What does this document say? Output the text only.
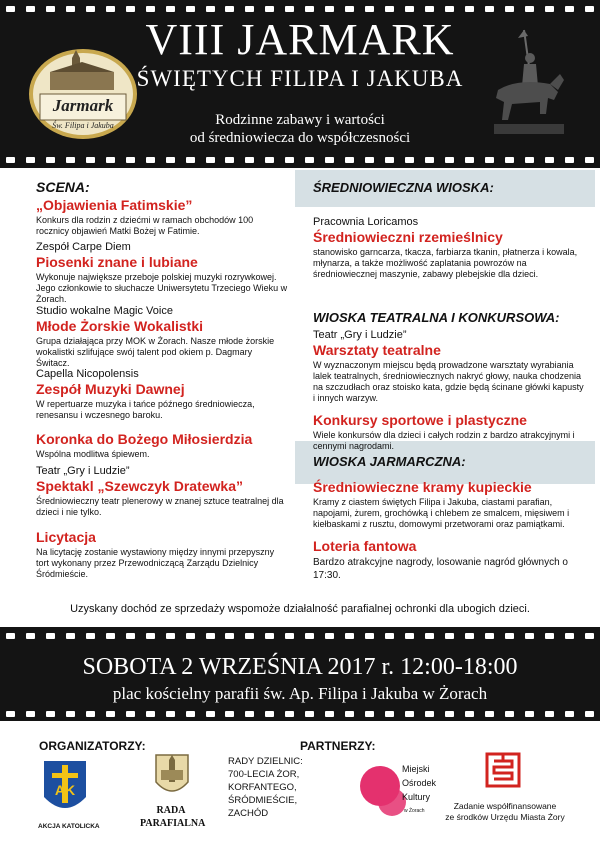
VIII JARMARK
ŚWIĘTYCH FILIPA I JAKUBA
Rodzinne zabawy i wartości
od średniowiecza do współczesności
Jarmark
Św. Filipa i Jakuba
SCENA:
„Objawienia Fatimskie”
Konkurs dla rodzin z dziećmi w ramach obchodów 100 rocznicy objawień Matki Bożej w Fatimie.
Zespół Carpe Diem
Piosenki znane i lubiane
Wykonuje największe przeboje polskiej muzyki rozrywkowej. Jego członkowie to słuchacze Uniwersytetu Trzeciego Wieku w Żorach.
Studio wokalne Magic Voice
Młode Żorskie Wokalistki
Grupa działająca przy MOK w Żorach. Nasze młode żorskie wokalistki szlifujące swój talent pod okiem p. Dagmary Świtacz.
Capella Nicopolensis
Zespół Muzyki Dawnej
W repertuarze muzyka i tańce późnego średniowiecza, renesansu i wczesnego baroku.
Koronka do Bożego Miłosierdzia
Wspólna modlitwa śpiewem.
Teatr „Gry i Ludzie”
Spektakl „Szewczyk Dratewka”
Średniowieczny teatr plenerowy w znanej sztuce teatralnej dla dzieci i nie tylko.
Licytacja
Na licytację zostanie wystawiony między innymi przepyszny tort wykonany przez Przewodniczącą Zarządu Dzielnicy Śródmieście.
ŚREDNIOWIECZNA WIOSKA:
Pracownia Loricamos
Średniowieczni rzemieślnicy
stanowisko garncarza, tkacza, farbiarza tkanin, płatnerza i kowala, młynarza, a także możliwość zaplatania powrozów na średniowiecznej maszynie, zabawy plebejskie dla dzieci.
WIOSKA TEATRALNA I KONKURSOWA:
Teatr „Gry i Ludzie”
Warsztaty teatralne
W wyznaczonym miejscu będą prowadzone warsztaty wyrabiania lalek teatralnych, średniowiecznych nakryć głowy, nauka chodzenia na szczudłach oraz stoisko kata, gdzie będą ścinane główki kapusty i innych warzyw.
Konkursy sportowe i plastyczne
Wiele konkursów dla dzieci i całych rodzin z bardzo atrakcyjnymi i cennymi nagrodami.
WIOSKA JARMARCZNA:
Średniowieczne kramy kupieckie
Kramy z ciastem świętych Filipa i Jakuba, ciastami parafian, napojami, żurem, grochówką i chlebem ze smalcem, mięsiwem i kiełbaskami z rusztu, domowymi przetworami oraz pamiątkami.
Loteria fantowa
Bardzo atrakcyjne nagrody, losowanie nagród głównych o 17:30.
Uzyskany dochód ze sprzedaży wspomoże działalność parafialnej ochronki dla ubogich dzieci.
SOBOTA 2 WRZEŚNIA 2017 r. 12:00-18:00
plac kościelny parafii św. Ap. Filipa i Jakuba w Żorach
ORGANIZATORZY:	PARTNERZY:
AK
AKCJA KATOLICKA
RADA
PARAFIALNA
RADY DZIELNIC:
700-LECIA ŻOR,
KORFANTEGO,
ŚRÓDMIEŚCIE,
ZACHÓD
Miejski
Ośrodek
Kultury
w Żorach	Zadanie współfinansowane
ze środków Urzędu Miasta Żory
